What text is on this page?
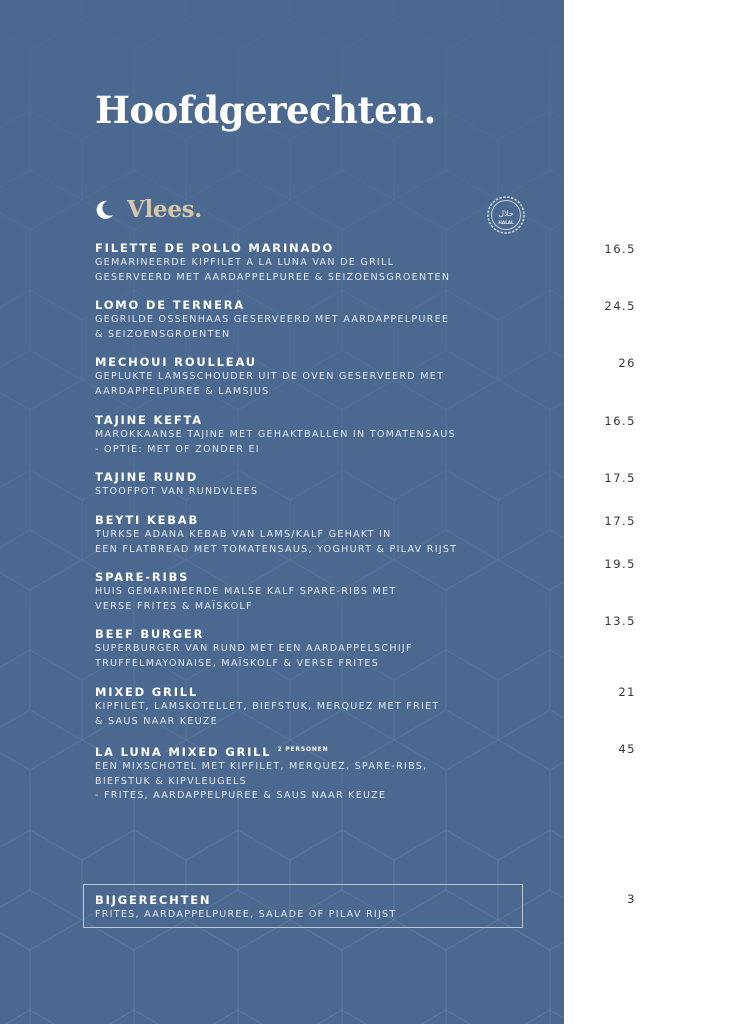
Hoofdgerechten.
Vlees.	حلال
HALAL
FILETTE DE POLLO MARINADO
GEMARINEERDE KIPFILET A LA LUNA VAN DE GRILL
GESERVEERD MET AARDAPPELPUREE & SEIZOENSGROENTEN
16.5
LOMO DE TERNERA
GEGRILDE OSSENHAAS GESERVEERD MET AARDAPPELPUREE
& SEIZOENSGROENTEN
24.5
MECHOUI ROULLEAU
GEPLUKTE LAMSSCHOUDER UIT DE OVEN GESERVEERD MET
AARDAPPELPUREE & LAMSJUS
26
TAJINE KEFTA
MAROKKAANSE TAJINE MET GEHAKTBALLEN IN TOMATENSAUS
- OPTIE: MET OF ZONDER EI
16.5
TAJINE RUND
STOOFPOT VAN RUNDVLEES
17.5
BEYTI KEBAB
TURKSE ADANA KEBAB VAN LAMS/KALF GEHAKT IN
EEN FLATBREAD MET TOMATENSAUS, YOGHURT & PILAV RIJST
17.5
SPARE-RIBS
HUIS GEMARINEERDE MALSE KALF SPARE-RIBS MET
VERSE FRITES & MAÏSKOLF
19.5
BEEF BURGER
SUPERBURGER VAN RUND MET EEN AARDAPPELSCHIJF
TRUFFELMAYONAISE, MAÏSKOLF & VERSE FRITES
13.5
MIXED GRILL
KIPFILET, LAMSKOTELLET, BIEFSTUK, MERQUEZ MET FRIET
& SAUS NAAR KEUZE
21
LA LUNA MIXED GRILL $^{2 PERSONEN}$
EEN MIXSCHOTEL MET KIPFILET, MERQUEZ, SPARE-RIBS,
BIEFSTUK & KIPVLEUGELS
- FRITES, AARDAPPELPUREE & SAUS NAAR KEUZE
45
BIJGERECHTEN
FRITES, AARDAPPELPUREE, SALADE OF PILAV RIJST
3
